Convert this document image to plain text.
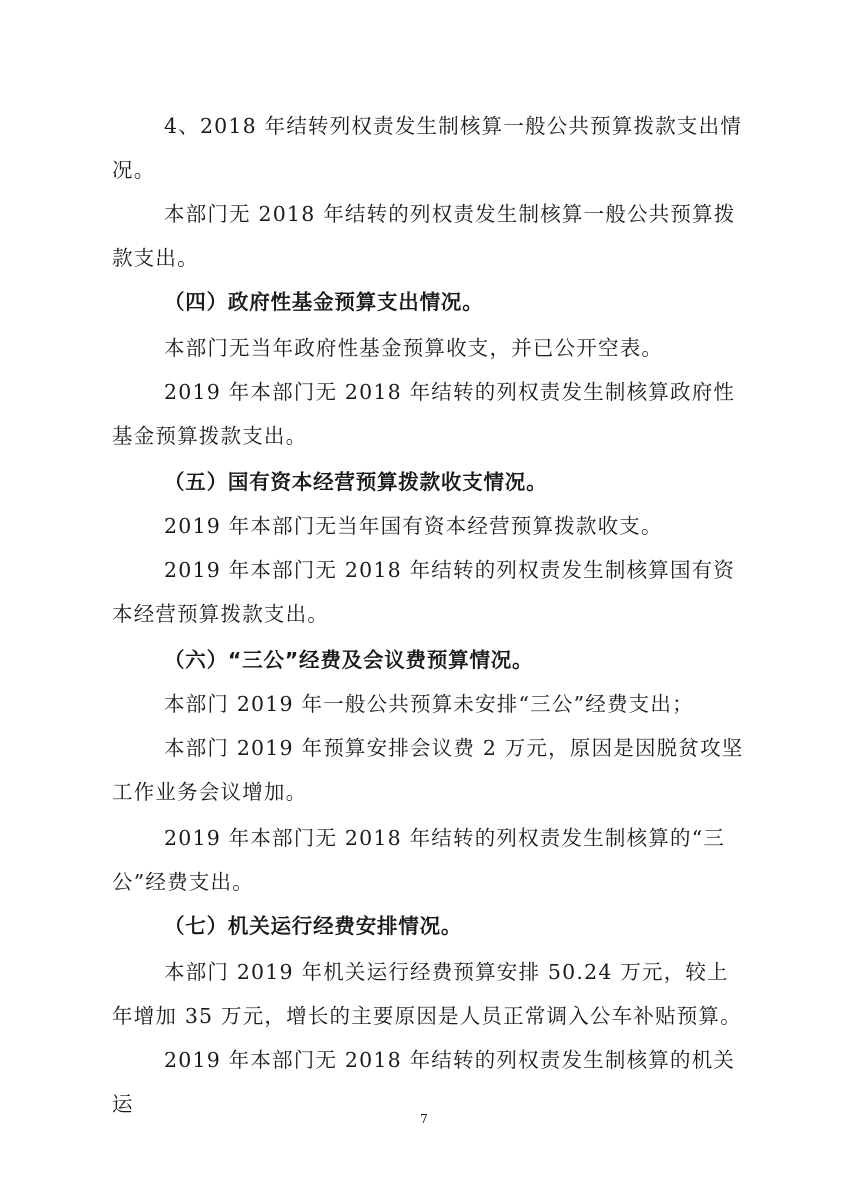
4、2018 年结转列权责发生制核算一般公共预算拨款支出情况。

本部门无 2018 年结转的列权责发生制核算一般公共预算拨款支出。

（四）政府性基金预算支出情况。

本部门无当年政府性基金预算收支，并已公开空表。

2019 年本部门无 2018 年结转的列权责发生制核算政府性基金预算拨款支出。

（五）国有资本经营预算拨款收支情况。

2019 年本部门无当年国有资本经营预算拨款收支。

2019 年本部门无 2018 年结转的列权责发生制核算国有资本经营预算拨款支出。

（六）“三公”经费及会议费预算情况。

本部门 2019 年一般公共预算未安排“三公”经费支出；

本部门 2019 年预算安排会议费 2 万元，原因是因脱贫攻坚工作业务会议增加。

2019 年本部门无 2018 年结转的列权责发生制核算的“三公”经费支出。

（七）机关运行经费安排情况。

本部门 2019 年机关运行经费预算安排 50.24 万元，较上年增加 35 万元，增长的主要原因是人员正常调入公车补贴预算。

2019 年本部门无 2018 年结转的列权责发生制核算的机关运

7
